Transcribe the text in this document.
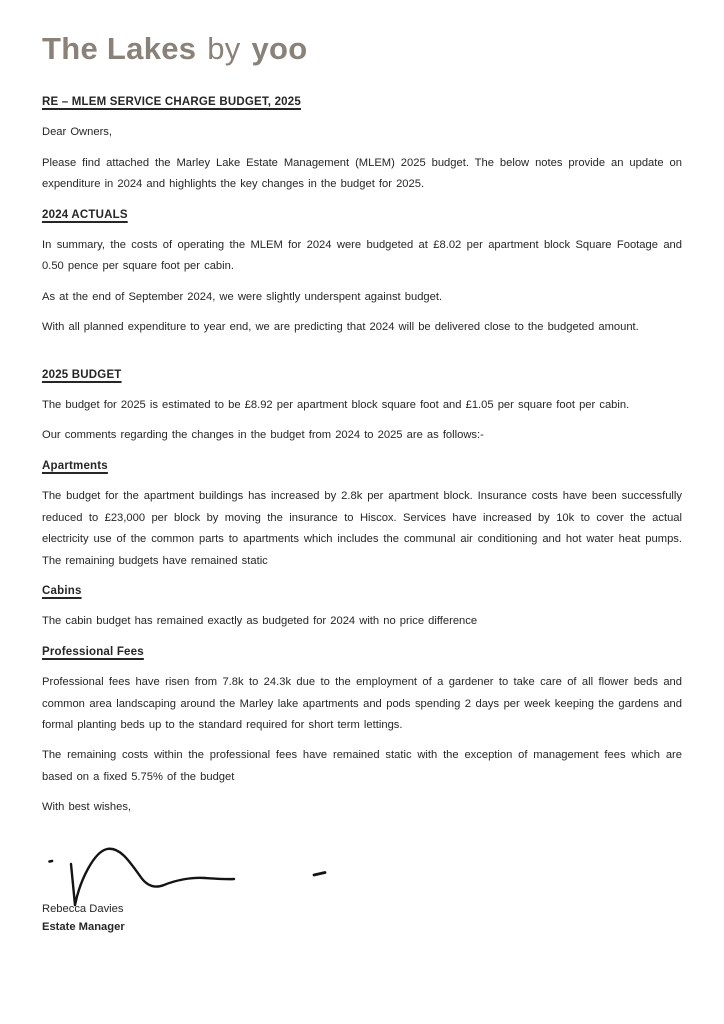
The Lakes by yoo
RE – MLEM SERVICE CHARGE BUDGET, 2025

Dear Owners,

Please find attached the Marley Lake Estate Management (MLEM) 2025 budget. The below notes provide an update on expenditure in 2024 and highlights the key changes in the budget for 2025.

2024 ACTUALS

In summary, the costs of operating the MLEM for 2024 were budgeted at £8.02 per apartment block Square Footage and 0.50 pence per square foot per cabin.

As at the end of September 2024, we were slightly underspent against budget.

With all planned expenditure to year end, we are predicting that 2024 will be delivered close to the budgeted amount.

2025 BUDGET

The budget for 2025 is estimated to be £8.92 per apartment block square foot and £1.05 per square foot per cabin.

Our comments regarding the changes in the budget from 2024 to 2025 are as follows:-

Apartments

The budget for the apartment buildings has increased by 2.8k per apartment block. Insurance costs have been successfully reduced to £23,000 per block by moving the insurance to Hiscox. Services have increased by 10k to cover the actual electricity use of the common parts to apartments which includes the communal air conditioning and hot water heat pumps. The remaining budgets have remained static

Cabins

The cabin budget has remained exactly as budgeted for 2024 with no price difference

Professional Fees

Professional fees have risen from 7.8k to 24.3k due to the employment of a gardener to take care of all flower beds and common area landscaping around the Marley lake apartments and pods spending 2 days per week keeping the gardens and formal planting beds up to the standard required for short term lettings.

The remaining costs within the professional fees have remained static with the exception of management fees which are based on a fixed 5.75% of the budget

With best wishes,

Rebecca Davies

Estate Manager
